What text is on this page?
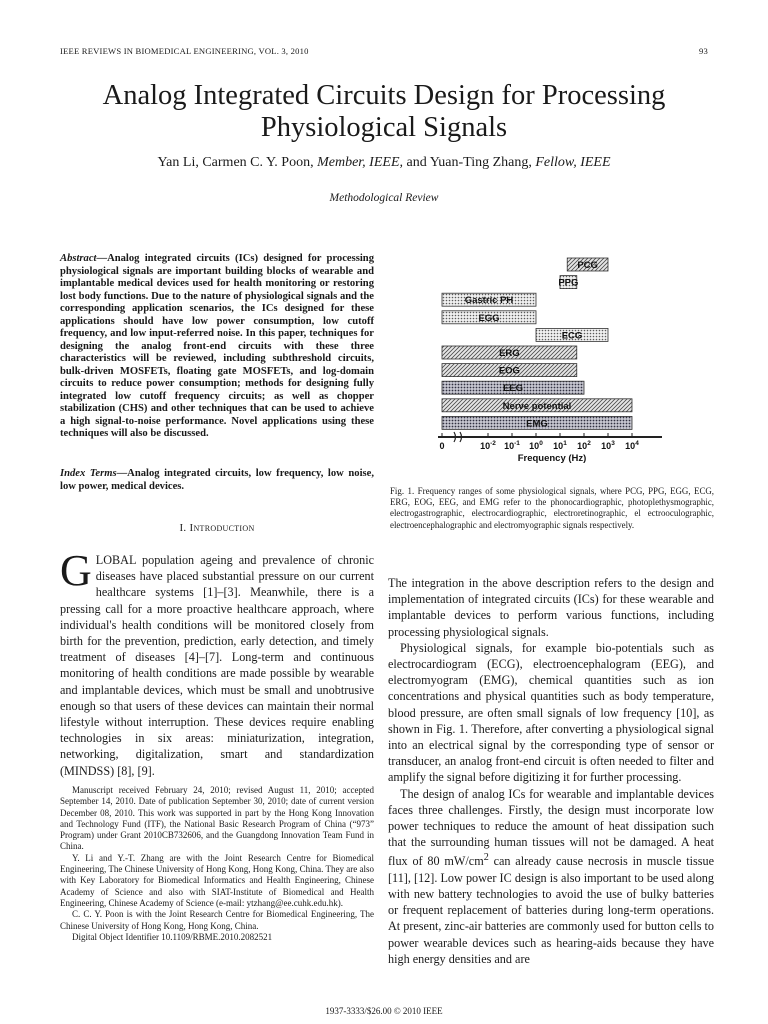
IEEE REVIEWS IN BIOMEDICAL ENGINEERING, VOL. 3, 2010	93
Analog Integrated Circuits Design for Processing
Physiological Signals
Yan Li, Carmen C. Y. Poon, Member, IEEE, and Yuan-Ting Zhang, Fellow, IEEE
Methodological Review
Abstract—Analog integrated circuits (ICs) designed for processing physiological signals are important building blocks of wearable and implantable medical devices used for health monitoring or restoring lost body functions. Due to the nature of physiological signals and the corresponding application scenarios, the ICs designed for these applications should have low power consumption, low cutoff frequency, and low input-referred noise. In this paper, techniques for designing the analog front-end circuits with these three characteristics will be reviewed, including subthreshold circuits, bulk-driven MOSFETs, floating gate MOSFETs, and log-domain circuits to reduce power consumption; methods for designing fully integrated low cutoff frequency circuits; as well as chopper stabilization (CHS) and other techniques that can be used to achieve a high signal-to-noise performance. Novel applications using these techniques will also be discussed.
Index Terms—Analog integrated circuits, low frequency, low noise, low power, medical devices.
I. Introduction
GLOBAL population ageing and prevalence of chronic diseases have placed substantial pressure on our current healthcare systems [1]–[3]. Meanwhile, there is a pressing call for a more proactive healthcare approach, where individual's health conditions will be monitored closely from birth for the prevention, prediction, early detection, and timely treatment of diseases [4]–[7]. Long-term and continuous monitoring of health conditions are made possible by wearable and implantable devices, which must be small and unobtrusive enough so that users of these devices can maintain their normal lifestyle without interruption. These devices require enabling technologies in six areas: miniaturization, integration, networking, digitalization, smart and standardization (MINDSS) [8], [9].

Manuscript received February 24, 2010; revised August 11, 2010; accepted September 14, 2010. Date of publication September 30, 2010; date of current version December 08, 2010. This work was supported in part by the Hong Kong Innovation and Technology Fund (ITF), the National Basic Research Program of China (“973” Program) under Grant 2010CB732606, and the Guangdong Innovation Team Fund in China.

Y. Li and Y.-T. Zhang are with the Joint Research Centre for Biomedical Engineering, The Chinese University of Hong Kong, Hong Kong, China. They are also with Key Laboratory for Biomedical Informatics and Health Engineering, Chinese Academy of Science and also with SIAT-Institute of Biomedical and Health Engineering, Chinese Academy of Science (e-mail: ytzhang@ee.cuhk.edu.hk).

C. C. Y. Poon is with the Joint Research Centre for Biomedical Engineering, The Chinese University of Hong Kong, Hong Kong, China.

Digital Object Identifier 10.1109/RBME.2010.2082521

PCG
PPG
Gastric PH
EGG
ECG
ERG
EOG
EEG
Nerve potential
EMG
0	$10^{-2}$ $10^{-1}$ $10^0$ $10^1$ $10^2$ $10^3$ $10^4$
Frequency (Hz)
Fig. 1. Frequency ranges of some physiological signals, where PCG, PPG, EGG, ECG, ERG, EOG, EEG, and EMG refer to the phonocardiographic, photoplethysmographic, electrogastrographic, electrocardiographic, electroretinographic, el ectrooculographic, electroencephalographic and electromyographic signals respectively.

The integration in the above description refers to the design and implementation of integrated circuits (ICs) for these wearable and implantable devices to perform various functions, including processing physiological signals.

Physiological signals, for example bio-potentials such as electrocardiogram (ECG), electroencephalogram (EEG), and electromyogram (EMG), chemical quantities such as ion concentrations and physical quantities such as body temperature, blood pressure, are often small signals of low frequency [10], as shown in Fig. 1. Therefore, after converting a physiological signal into an electrical signal by the corresponding type of sensor or transducer, an analog front-end circuit is often needed to filter and amplify the signal before digitizing it for further processing.

The design of analog ICs for wearable and implantable devices faces three challenges. Firstly, the design must incorporate low power techniques to reduce the amount of heat dissipation such that the surrounding human tissues will not be damaged. A heat flux of 80 $mW/cm^2$ can already cause necrosis in muscle tissue [11], [12]. Low power IC design is also important to be used along with new battery technologies to avoid the use of bulky batteries or frequent replacement of batteries during long-term operations. At present, zinc-air batteries are commonly used for button cells to power wearable devices such as hearing-aids because they have high energy densities and are

1937-3333/$26.00 © 2010 IEEE
